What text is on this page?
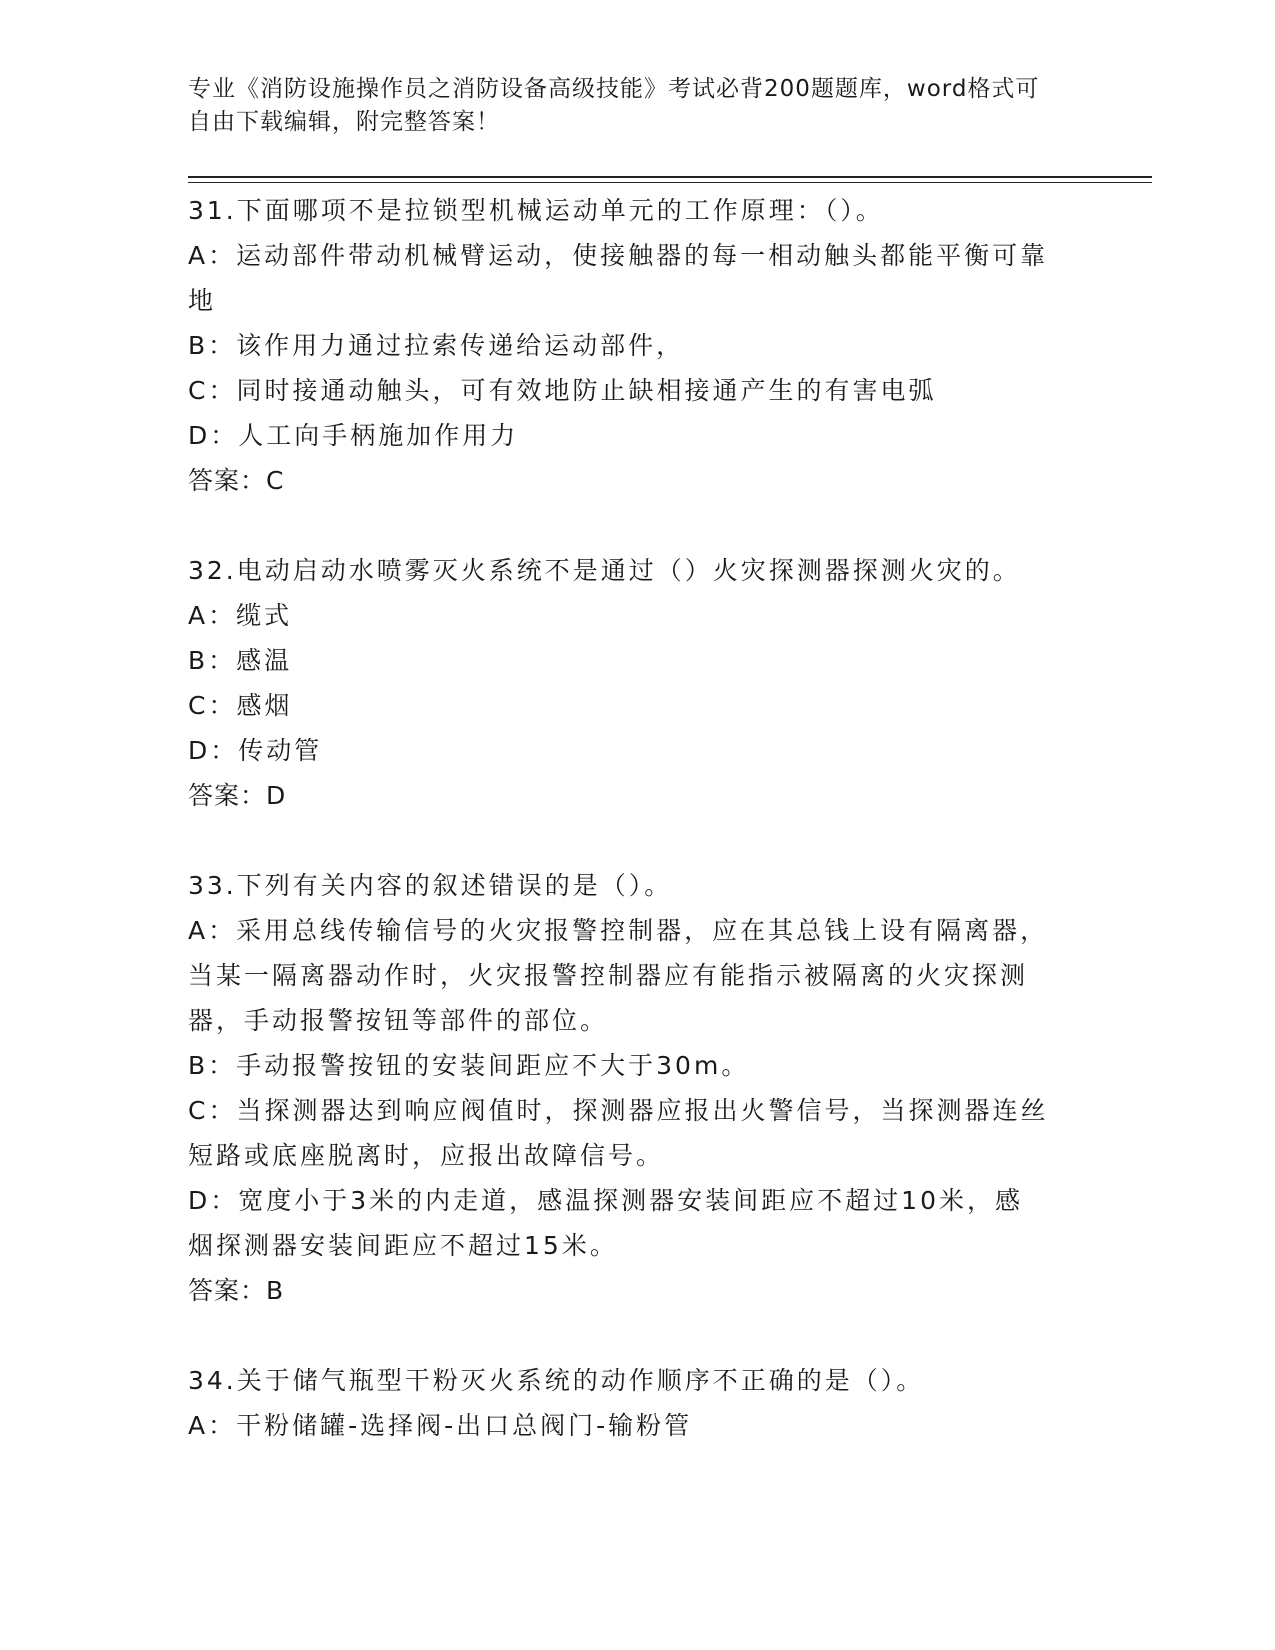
专业《消防设施操作员之消防设备高级技能》考试必背200题题库，word格式可
自由下载编辑，附完整答案！
31.下面哪项不是拉锁型机械运动单元的工作原理：（）。
A：运动部件带动机械臂运动，使接触器的每一相动触头都能平衡可靠
地
B：该作用力通过拉索传递给运动部件，
C：同时接通动触头，可有效地防止缺相接通产生的有害电弧
D：人工向手柄施加作用力
答案：C
32.电动启动水喷雾灭火系统不是通过（）火灾探测器探测火灾的。
A：缆式
B：感温
C：感烟
D：传动管
答案：D
33.下列有关内容的叙述错误的是（）。
A：采用总线传输信号的火灾报警控制器，应在其总钱上设有隔离器，
当某一隔离器动作时，火灾报警控制器应有能指示被隔离的火灾探测
器，手动报警按钮等部件的部位。
B：手动报警按钮的安装间距应不大于30m。
C：当探测器达到响应阀值时，探测器应报出火警信号，当探测器连丝
短路或底座脱离时，应报出故障信号。
D：宽度小于3米的内走道，感温探测器安装间距应不超过10米，感
烟探测器安装间距应不超过15米。
答案：B
34.关于储气瓶型干粉灭火系统的动作顺序不正确的是（）。
A：干粉储罐-选择阀-出口总阀门-输粉管
